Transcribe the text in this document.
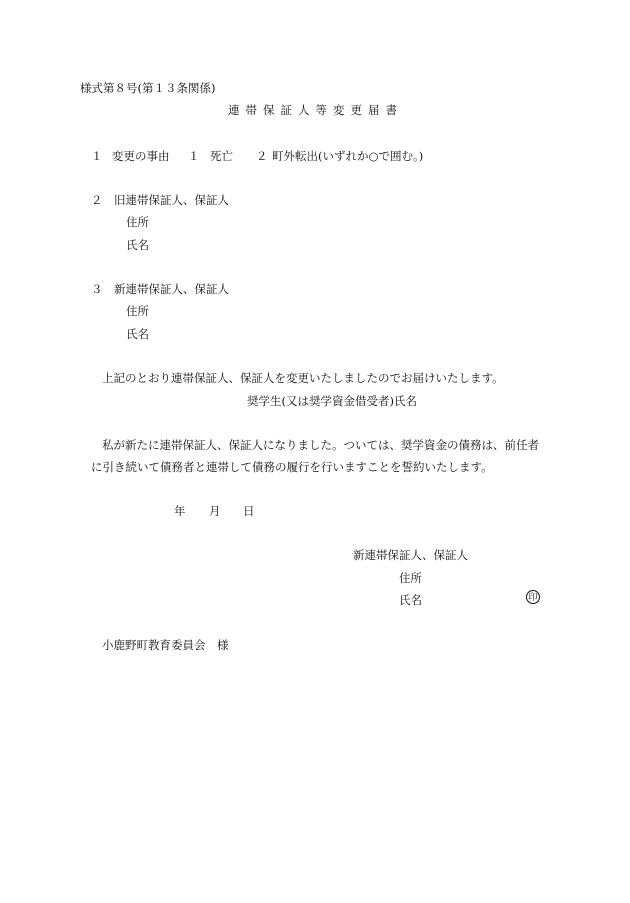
様式第８号(第１３条関係)
連帯保証人等変更届書
１ 変更の事由 １ 死亡 ２ 町外転出(いずれか○で囲む。)
２　旧連帯保証人、保証人
住所
氏名
３　新連帯保証人、保証人
住所
氏名
上記のとおり連帯保証人、保証人を変更いたしましたのでお届けいたします。
奨学生(又は奨学資金借受者)氏名
私が新たに連帯保証人、保証人になりました。ついては、奨学資金の債務は、前任者
に引き続いて債務者と連帯して債務の履行を行いますことを誓約いたします。
年 月 日
新連帯保証人、保証人
住所
氏名	印
小鹿野町教育委員会　様
